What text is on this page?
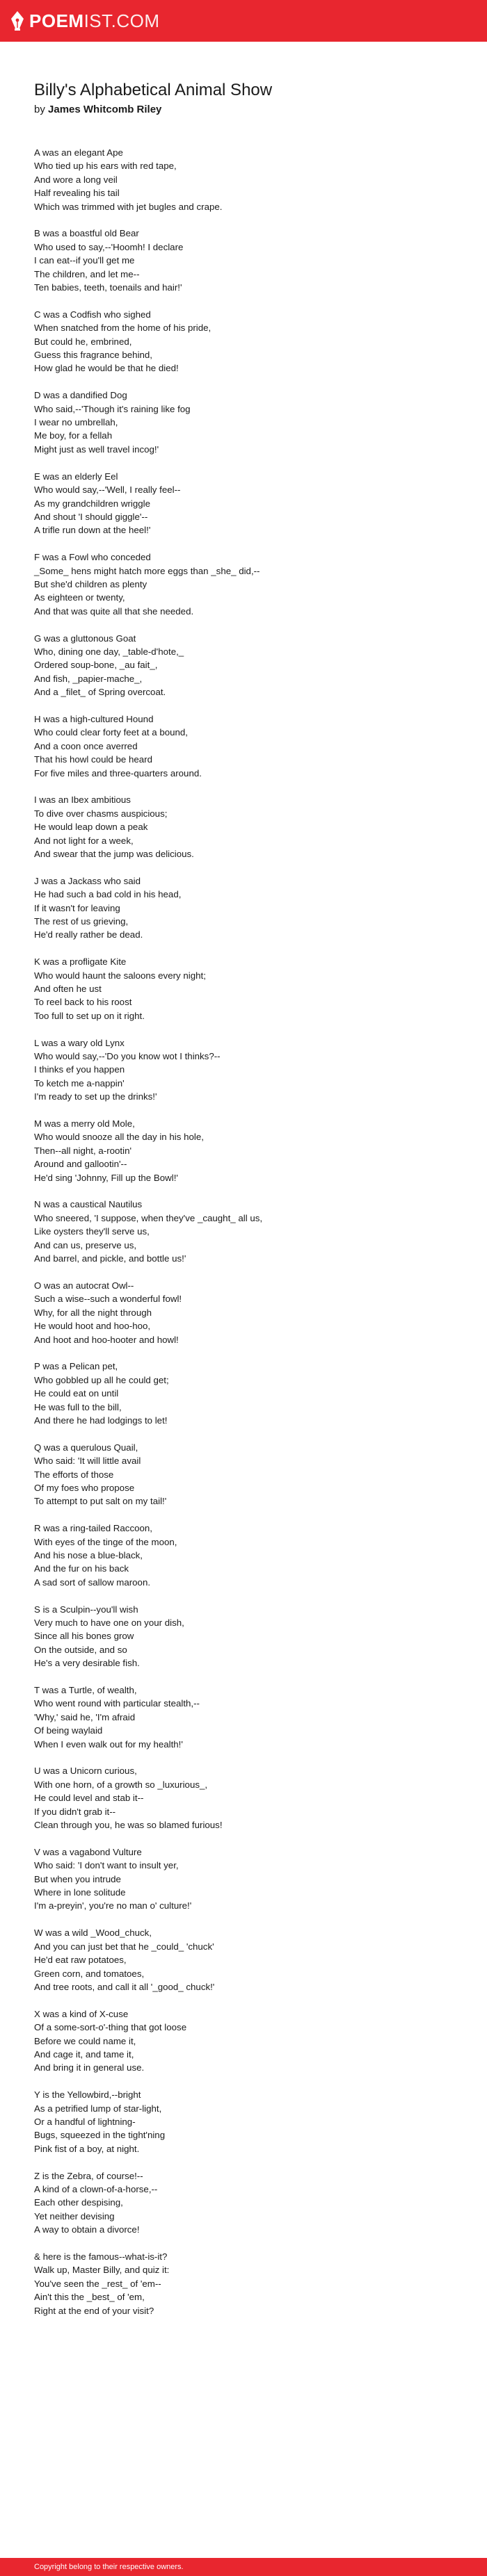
POEMIST.COM
Billy's Alphabetical Animal Show

by James Whitcomb Riley

A was an elegant Ape
Who tied up his ears with red tape,
And wore a long veil
Half revealing his tail
Which was trimmed with jet bugles and crape.
B was a boastful old Bear
Who used to say,--'Hoomh! I declare
I can eat--if you'll get me
The children, and let me--
Ten babies, teeth, toenails and hair!'
C was a Codfish who sighed
When snatched from the home of his pride,
But could he, embrined,
Guess this fragrance behind,
How glad he would be that he died!
D was a dandified Dog
Who said,--'Though it's raining like fog
I wear no umbrellah,
Me boy, for a fellah
Might just as well travel incog!'
E was an elderly Eel
Who would say,--'Well, I really feel--
As my grandchildren wriggle
And shout 'I should giggle'--
A trifle run down at the heel!'
F was a Fowl who conceded
_Some_ hens might hatch more eggs than _she_ did,--
But she'd children as plenty
As eighteen or twenty,
And that was quite all that she needed.
G was a gluttonous Goat
Who, dining one day, _table-d'hote,_
Ordered soup-bone, _au fait_,
And fish, _papier-mache_,
And a _filet_ of Spring overcoat.
H was a high-cultured Hound
Who could clear forty feet at a bound,
And a coon once averred
That his howl could be heard
For five miles and three-quarters around.
I was an Ibex ambitious
To dive over chasms auspicious;
He would leap down a peak
And not light for a week,
And swear that the jump was delicious.
J was a Jackass who said
He had such a bad cold in his head,
If it wasn't for leaving
The rest of us grieving,
He'd really rather be dead.
K was a profligate Kite
Who would haunt the saloons every night;
And often he ust
To reel back to his roost
Too full to set up on it right.
L was a wary old Lynx
Who would say,--'Do you know wot I thinks?--
I thinks ef you happen
To ketch me a-nappin'
I'm ready to set up the drinks!'
M was a merry old Mole,
Who would snooze all the day in his hole,
Then--all night, a-rootin'
Around and gallootin'--
He'd sing 'Johnny, Fill up the Bowl!'
N was a caustical Nautilus
Who sneered, 'I suppose, when they've _caught_ all us,
Like oysters they'll serve us,
And can us, preserve us,
And barrel, and pickle, and bottle us!'
O was an autocrat Owl--
Such a wise--such a wonderful fowl!
Why, for all the night through
He would hoot and hoo-hoo,
And hoot and hoo-hooter and howl!
P was a Pelican pet,
Who gobbled up all he could get;
He could eat on until
He was full to the bill,
And there he had lodgings to let!
Q was a querulous Quail,
Who said: 'It will little avail
The efforts of those
Of my foes who propose
To attempt to put salt on my tail!'
R was a ring-tailed Raccoon,
With eyes of the tinge of the moon,
And his nose a blue-black,
And the fur on his back
A sad sort of sallow maroon.
S is a Sculpin--you'll wish
Very much to have one on your dish,
Since all his bones grow
On the outside, and so
He's a very desirable fish.
T was a Turtle, of wealth,
Who went round with particular stealth,--
'Why,' said he, 'I'm afraid
Of being waylaid
When I even walk out for my health!'
U was a Unicorn curious,
With one horn, of a growth so _luxurious_,
He could level and stab it--
If you didn't grab it--
Clean through you, he was so blamed furious!
V was a vagabond Vulture
Who said: 'I don't want to insult yer,
But when you intrude
Where in lone solitude
I'm a-preyin', you're no man o' culture!'
W was a wild _Wood_chuck,
And you can just bet that he _could_ 'chuck'
He'd eat raw potatoes,
Green corn, and tomatoes,
And tree roots, and call it all '_good_ chuck!'
X was a kind of X-cuse
Of a some-sort-o'-thing that got loose
Before we could name it,
And cage it, and tame it,
And bring it in general use.
Y is the Yellowbird,--bright
As a petrified lump of star-light,
Or a handful of lightning-
Bugs, squeezed in the tight'ning
Pink fist of a boy, at night.
Z is the Zebra, of course!--
A kind of a clown-of-a-horse,--
Each other despising,
Yet neither devising
A way to obtain a divorce!
& here is the famous--what-is-it?
Walk up, Master Billy, and quiz it:
You've seen the _rest_ of 'em--
Ain't this the _best_ of 'em,
Right at the end of your visit?
Copyright belong to their respective owners.
